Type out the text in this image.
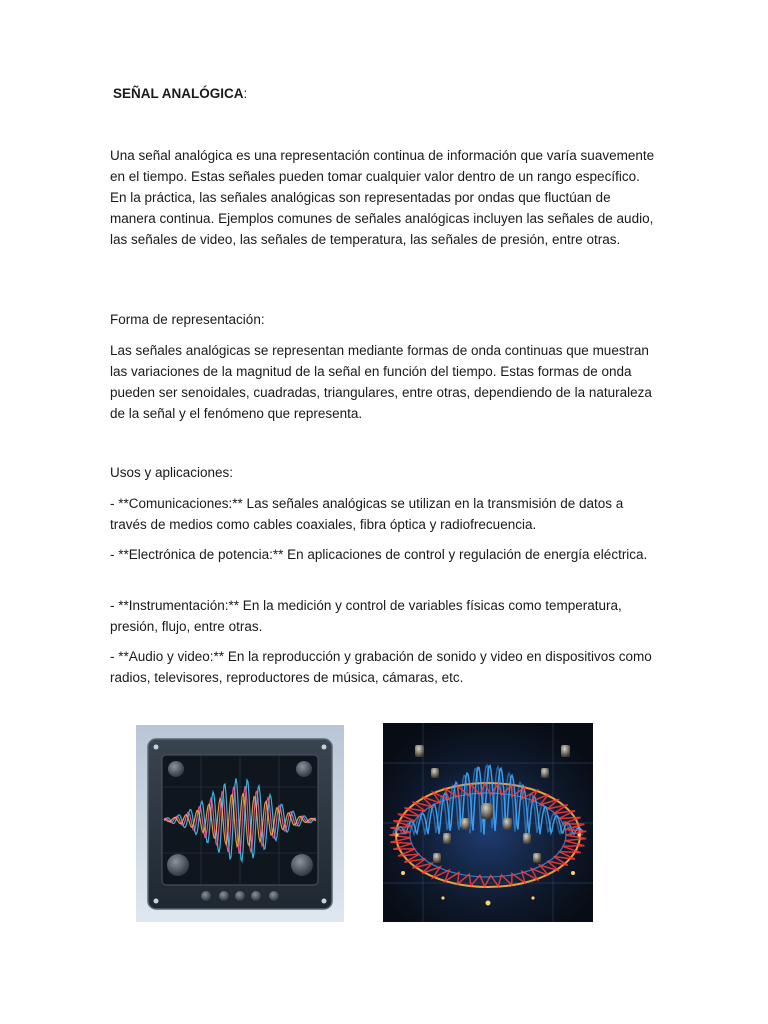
SEÑAL ANALÓGICA:

Una señal analógica es una representación continua de información que varía suavemente en el tiempo. Estas señales pueden tomar cualquier valor dentro de un rango específico. En la práctica, las señales analógicas son representadas por ondas que fluctúan de manera continua. Ejemplos comunes de señales analógicas incluyen las señales de audio, las señales de video, las señales de temperatura, las señales de presión, entre otras.

Forma de representación:

Las señales analógicas se representan mediante formas de onda continuas que muestran las variaciones de la magnitud de la señal en función del tiempo. Estas formas de onda pueden ser senoidales, cuadradas, triangulares, entre otras, dependiendo de la naturaleza de la señal y el fenómeno que representa.

Usos y aplicaciones:

- **Comunicaciones:** Las señales analógicas se utilizan en la transmisión de datos a través de medios como cables coaxiales, fibra óptica y radiofrecuencia.

- **Electrónica de potencia:** En aplicaciones de control y regulación de energía eléctrica.

- **Instrumentación:** En la medición y control de variables físicas como temperatura, presión, flujo, entre otras.

- **Audio y video:** En la reproducción y grabación de sonido y video en dispositivos como radios, televisores, reproductores de música, cámaras, etc.
